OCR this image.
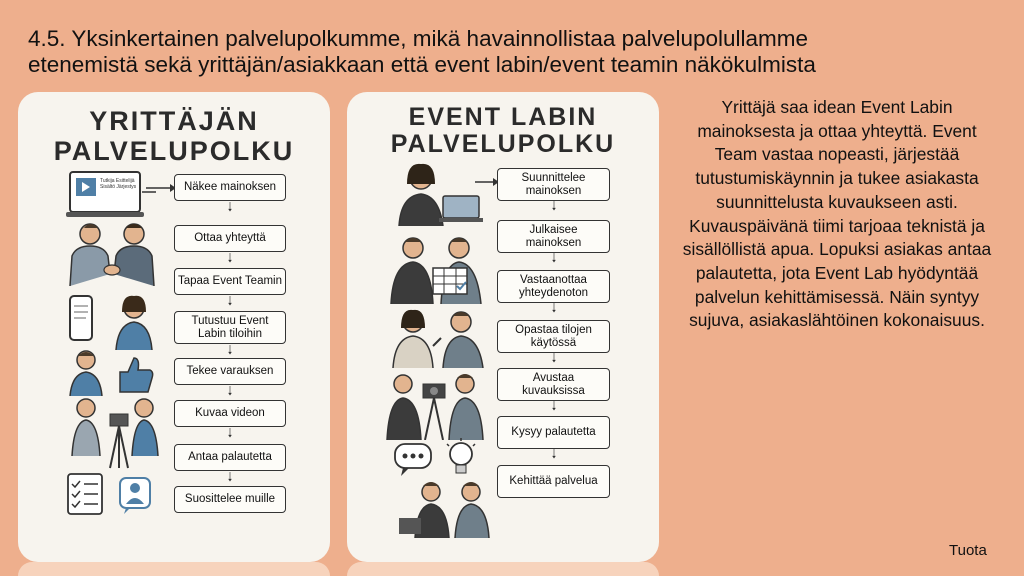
4.5. Yksinkertainen palvelupolkumme, mikä havainnollistaa palvelupolullamme
etenemistä sekä yrittäjän/asiakkaan että event labin/event teamin näkökulmista
YRITTÄJÄN
PALVELUPOLKU
Tutkija Esittelijä Sisältö Järjestys	Näkee mainoksen
Ottaa yhteyttä
Tapaa Event Teamin
Tutustuu Event Labin tiloihin
Tekee varauksen
Kuvaa videon
Antaa palautetta
Suosittelee muille
EVENT LABIN
PALVELUPOLKU
Suunnittelee mainoksen
Julkaisee mainoksen
Vastaanottaa yhteydenoton
Opastaa tilojen käytössä
Avustaa kuvauksissa
Kysyy palautetta
Kehittää palvelua
Yrittäjä saa idean Event Labin mainoksesta ja ottaa yhteyttä. Event Team vastaa nopeasti, järjestää tutustumiskäynnin ja tukee asiakasta suunnittelusta kuvaukseen asti. Kuvauspäivänä tiimi tarjoaa teknistä ja sisällöllistä apua. Lopuksi asiakas antaa palautetta, jota Event Lab hyödyntää palvelun kehittämisessä. Näin syntyy sujuva, asiakaslähtöinen kokonaisuus.
Tuota
